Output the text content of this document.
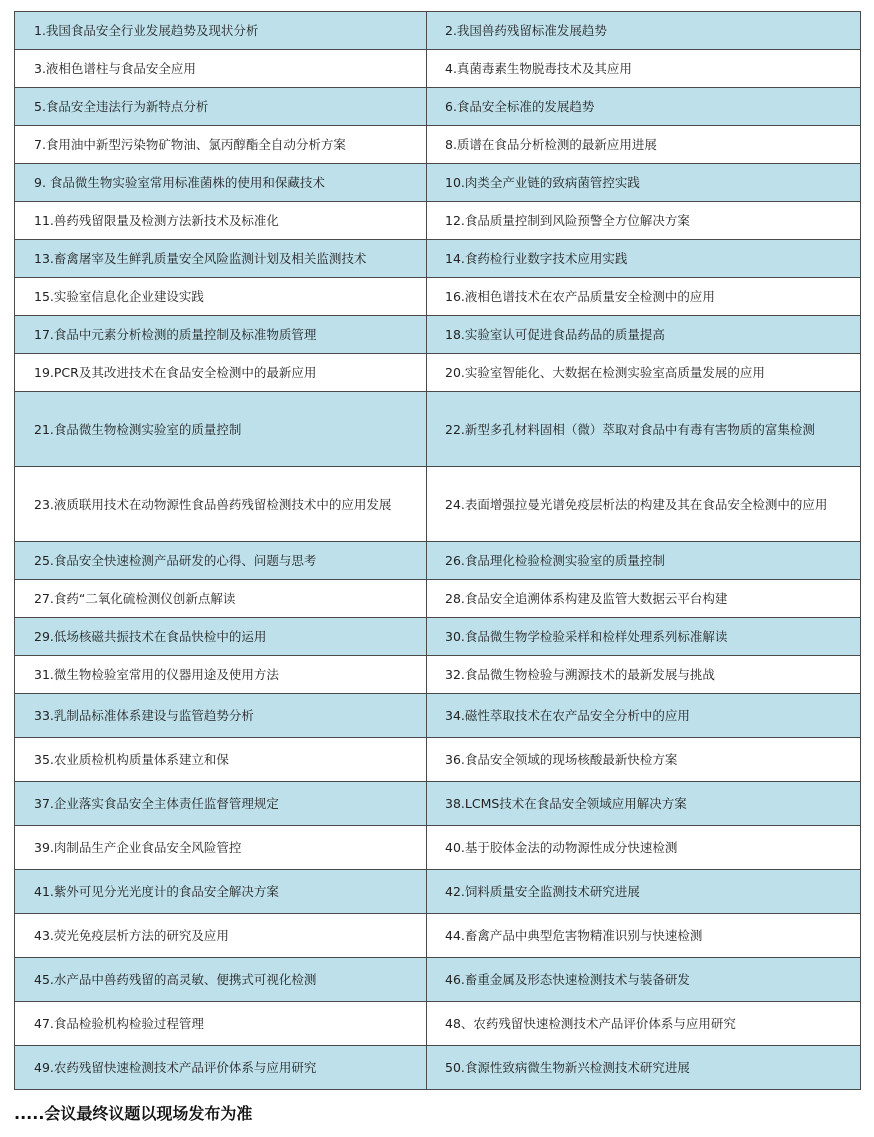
1.我国食品安全行业发展趋势及现状分析	2.我国兽药残留标准发展趋势
3.液相色谱柱与食品安全应用	4.真菌毒素生物脱毒技术及其应用
5.食品安全违法行为新特点分析	6.食品安全标准的发展趋势
7.食用油中新型污染物矿物油、氯丙醇酯全自动分析方案	8.质谱在食品分析检测的最新应用进展
9. 食品微生物实验室常用标准菌株的使用和保藏技术	10.肉类全产业链的致病菌管控实践
11.兽药残留限量及检测方法新技术及标准化	12.食品质量控制到风险预警全方位解决方案
13.畜禽屠宰及生鲜乳质量安全风险监测计划及相关监测技术	14.食药检行业数字技术应用实践
15.实验室信息化企业建设实践	16.液相色谱技术在农产品质量安全检测中的应用
17.食品中元素分析检测的质量控制及标准物质管理	18.实验室认可促进食品药品的质量提高
19.PCR及其改进技术在食品安全检测中的最新应用	20.实验室智能化、大数据在检测实验室高质量发展的应用
21.食品微生物检测实验室的质量控制	22.新型多孔材料固相（微）萃取对食品中有毒有害物质的富集检测
23.液质联用技术在动物源性食品兽药残留检测技术中的应用发展	24.表面增强拉曼光谱免疫层析法的构建及其在食品安全检测中的应用
25.食品安全快速检测产品研发的心得、问题与思考	26.食品理化检验检测实验室的质量控制
27.食药“二氧化硫检测仪创新点解读	28.食品安全追溯体系构建及监管大数据云平台构建
29.低场核磁共振技术在食品快检中的运用	30.食品微生物学检验采样和检样处理系列标准解读
31.微生物检验室常用的仪器用途及使用方法	32.食品微生物检验与溯源技术的最新发展与挑战
33.乳制品标准体系建设与监管趋势分析	34.磁性萃取技术在农产品安全分析中的应用
35.农业质检机构质量体系建立和保	36.食品安全领域的现场核酸最新快检方案
37.企业落实食品安全主体责任监督管理规定	38.LCMS技术在食品安全领域应用解决方案
39.肉制品生产企业食品安全风险管控	40.基于胶体金法的动物源性成分快速检测
41.紫外可见分光光度计的食品安全解决方案	42.饲料质量安全监测技术研究进展
43.荧光免疫层析方法的研究及应用	44.畜禽产品中典型危害物精准识别与快速检测
45.水产品中兽药残留的高灵敏、便携式可视化检测	46.畜重金属及形态快速检测技术与装备研发
47.食品检验机构检验过程管理	48、农药残留快速检测技术产品评价体系与应用研究
49.农药残留快速检测技术产品评价体系与应用研究	50.食源性致病微生物新兴检测技术研究进展
.....会议最终议题以现场发布为准
